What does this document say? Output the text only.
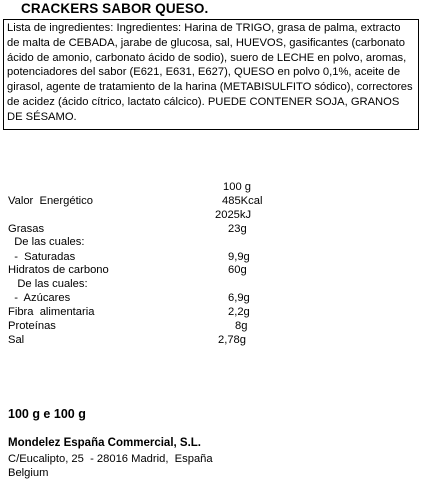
CRACKERS SABOR QUESO.

Lista de ingredientes: Ingredientes: Harina de TRIGO, grasa de palma, extracto de malta de CEBADA, jarabe de glucosa, sal, HUEVOS, gasificantes (carbonato ácido de amonio, carbonato ácido de sodio), suero de LECHE en polvo, aromas, potenciadores del sabor (E621, E631, E627), QUESO en polvo 0,1%, aceite de girasol, agente de tratamiento de la harina (METABISULFITO sódico), correctores de acidez (ácido cítrico, lactato cálcico). PUEDE CONTENER SOJA, GRANOS DE SÉSAMO.

100 g
Valor  Energético	485Kcal
2025kJ
Grasas	23g
De las cuales:
-  Saturadas	9,9g
Hidratos de carbono	60g
De las cuales:
-  Azúcares	6,9g
Fibra  alimentaria	2,2g
Proteínas	8g
Sal	2,78g
100 g e 100 g
Mondelez España Commercial, S.L.
C/Eucalipto, 25  - 28016 Madrid,  España
Belgium
